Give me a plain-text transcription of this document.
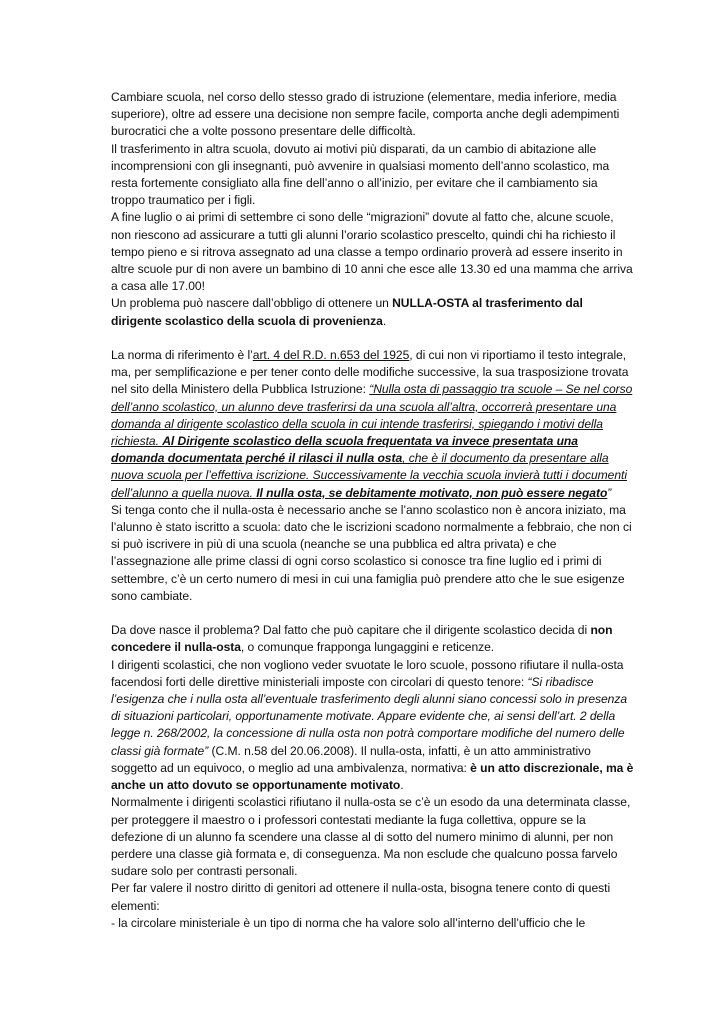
Cambiare scuola, nel corso dello stesso grado di istruzione (elementare, media inferiore, media superiore), oltre ad essere una decisione non sempre facile, comporta anche degli adempimenti burocratici che a volte possono presentare delle difficoltà.

Il trasferimento in altra scuola, dovuto ai motivi più disparati, da un cambio di abitazione alle incomprensioni con gli insegnanti, può avvenire in qualsiasi momento dell’anno scolastico, ma resta fortemente consigliato alla fine dell’anno o all’inizio, per evitare che il cambiamento sia troppo traumatico per i figli.

A fine luglio o ai primi di settembre ci sono delle “migrazioni” dovute al fatto che, alcune scuole, non riescono ad assicurare a tutti gli alunni l’orario scolastico prescelto, quindi chi ha richiesto il tempo pieno e si ritrova assegnato ad una classe a tempo ordinario proverà ad essere inserito in altre scuole pur di non avere un bambino di 10 anni che esce alle 13.30 ed una mamma che arriva a casa alle 17.00!

Un problema può nascere dall’obbligo di ottenere un NULLA-OSTA al trasferimento dal dirigente scolastico della scuola di provenienza.

La norma di riferimento è l’art. 4 del R.D. n.653 del 1925, di cui non vi riportiamo il testo integrale, ma, per semplificazione e per tener conto delle modifiche successive, la sua trasposizione trovata nel sito della Ministero della Pubblica Istruzione: “Nulla osta di passaggio tra scuole – Se nel corso dell’anno scolastico, un alunno deve trasferirsi da una scuola all’altra, occorrerà presentare una domanda al dirigente scolastico della scuola in cui intende trasferirsi, spiegando i motivi della richiesta. Al Dirigente scolastico della scuola frequentata va invece presentata una domanda documentata perché il rilasci il nulla osta, che è il documento da presentare alla nuova scuola per l’effettiva iscrizione. Successivamente la vecchia scuola invierà tutti i documenti dell’alunno a quella nuova. Il nulla osta, se debitamente motivato, non può essere negato”

Si tenga conto che il nulla-osta è necessario anche se l’anno scolastico non è ancora iniziato, ma l’alunno è stato iscritto a scuola: dato che le iscrizioni scadono normalmente a febbraio, che non ci si può iscrivere in più di una scuola (neanche se una pubblica ed altra privata) e che l’assegnazione alle prime classi di ogni corso scolastico si conosce tra fine luglio ed i primi di settembre, c’è un certo numero di mesi in cui una famiglia può prendere atto che le sue esigenze sono cambiate.

Da dove nasce il problema? Dal fatto che può capitare che il dirigente scolastico decida di non concedere il nulla-osta, o comunque frapponga lungaggini e reticenze.

I dirigenti scolastici, che non vogliono veder svuotate le loro scuole, possono rifiutare il nulla-osta facendosi forti delle direttive ministeriali imposte con circolari di questo tenore: “Si ribadisce l’esigenza che i nulla osta all’eventuale trasferimento degli alunni siano concessi solo in presenza di situazioni particolari, opportunamente motivate. Appare evidente che, ai sensi dell’art. 2 della legge n. 268/2002, la concessione di nulla osta non potrà comportare modifiche del numero delle classi già formate” (C.M. n.58 del 20.06.2008). Il nulla-osta, infatti, è un atto amministrativo soggetto ad un equivoco, o meglio ad una ambivalenza, normativa: è un atto discrezionale, ma è anche un atto dovuto se opportunamente motivato.

Normalmente i dirigenti scolastici rifiutano il nulla-osta se c’è un esodo da una determinata classe, per proteggere il maestro o i professori contestati mediante la fuga collettiva, oppure se la defezione di un alunno fa scendere una classe al di sotto del numero minimo di alunni, per non perdere una classe già formata e, di conseguenza. Ma non esclude che qualcuno possa farvelo sudare solo per contrasti personali.

Per far valere il nostro diritto di genitori ad ottenere il nulla-osta, bisogna tenere conto di questi elementi:

- la circolare ministeriale è un tipo di norma che ha valore solo all’interno dell’ufficio che le
